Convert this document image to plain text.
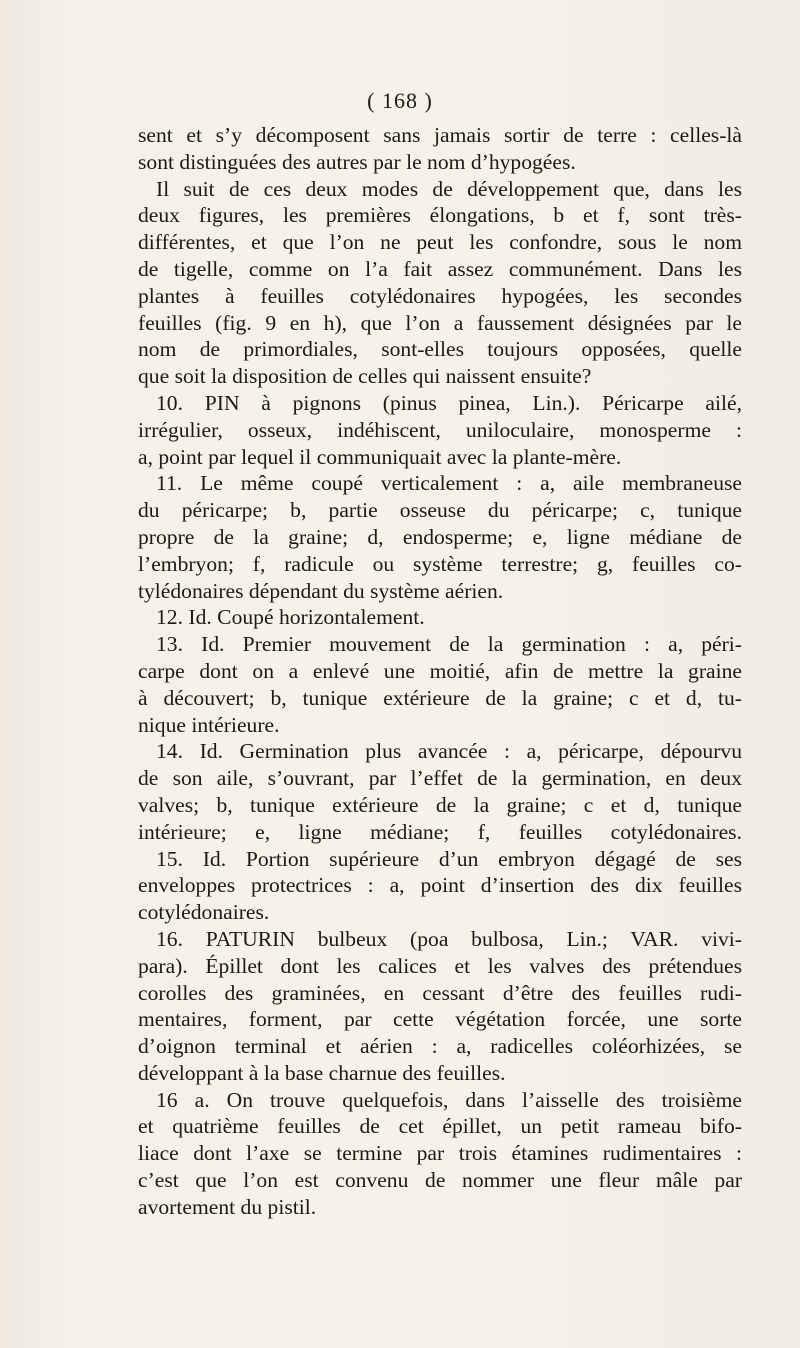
( 168 )
sent et s’y décomposent sans jamais sortir de terre : celles-là
sont distinguées des autres par le nom d’hypogées.
Il suit de ces deux modes de développement que, dans les
deux figures, les premières élongations, b et f, sont très-
différentes, et que l’on ne peut les confondre, sous le nom
de tigelle, comme on l’a fait assez communément. Dans les
plantes à feuilles cotylédonaires hypogées, les secondes
feuilles (fig. 9 en h), que l’on a faussement désignées par le
nom de primordiales, sont-elles toujours opposées, quelle
que soit la disposition de celles qui naissent ensuite?
10. PIN à pignons (pinus pinea, Lin.). Péricarpe ailé,
irrégulier, osseux, indéhiscent, uniloculaire, monosperme :
a, point par lequel il communiquait avec la plante-mère.
11. Le même coupé verticalement : a, aile membraneuse
du péricarpe; b, partie osseuse du péricarpe; c, tunique
propre de la graine; d, endosperme; e, ligne médiane de
l’embryon; f, radicule ou système terrestre; g, feuilles co-
tylédonaires dépendant du système aérien.
12. Id. Coupé horizontalement.
13. Id. Premier mouvement de la germination : a, péri-
carpe dont on a enlevé une moitié, afin de mettre la graine
à découvert; b, tunique extérieure de la graine; c et d, tu-
nique intérieure.
14. Id. Germination plus avancée : a, péricarpe, dépourvu
de son aile, s’ouvrant, par l’effet de la germination, en deux
valves; b, tunique extérieure de la graine; c et d, tunique
intérieure; e, ligne médiane; f, feuilles cotylédonaires.
15. Id. Portion supérieure d’un embryon dégagé de ses
enveloppes protectrices : a, point d’insertion des dix feuilles
cotylédonaires.
16. PATURIN bulbeux (poa bulbosa, Lin.; VAR. vivi-
para). Épillet dont les calices et les valves des prétendues
corolles des graminées, en cessant d’être des feuilles rudi-
mentaires, forment, par cette végétation forcée, une sorte
d’oignon terminal et aérien : a, radicelles coléorhizées, se
développant à la base charnue des feuilles.
16 a. On trouve quelquefois, dans l’aisselle des troisième
et quatrième feuilles de cet épillet, un petit rameau bifo-
liace dont l’axe se termine par trois étamines rudimentaires :
c’est que l’on est convenu de nommer une fleur mâle par
avortement du pistil.
